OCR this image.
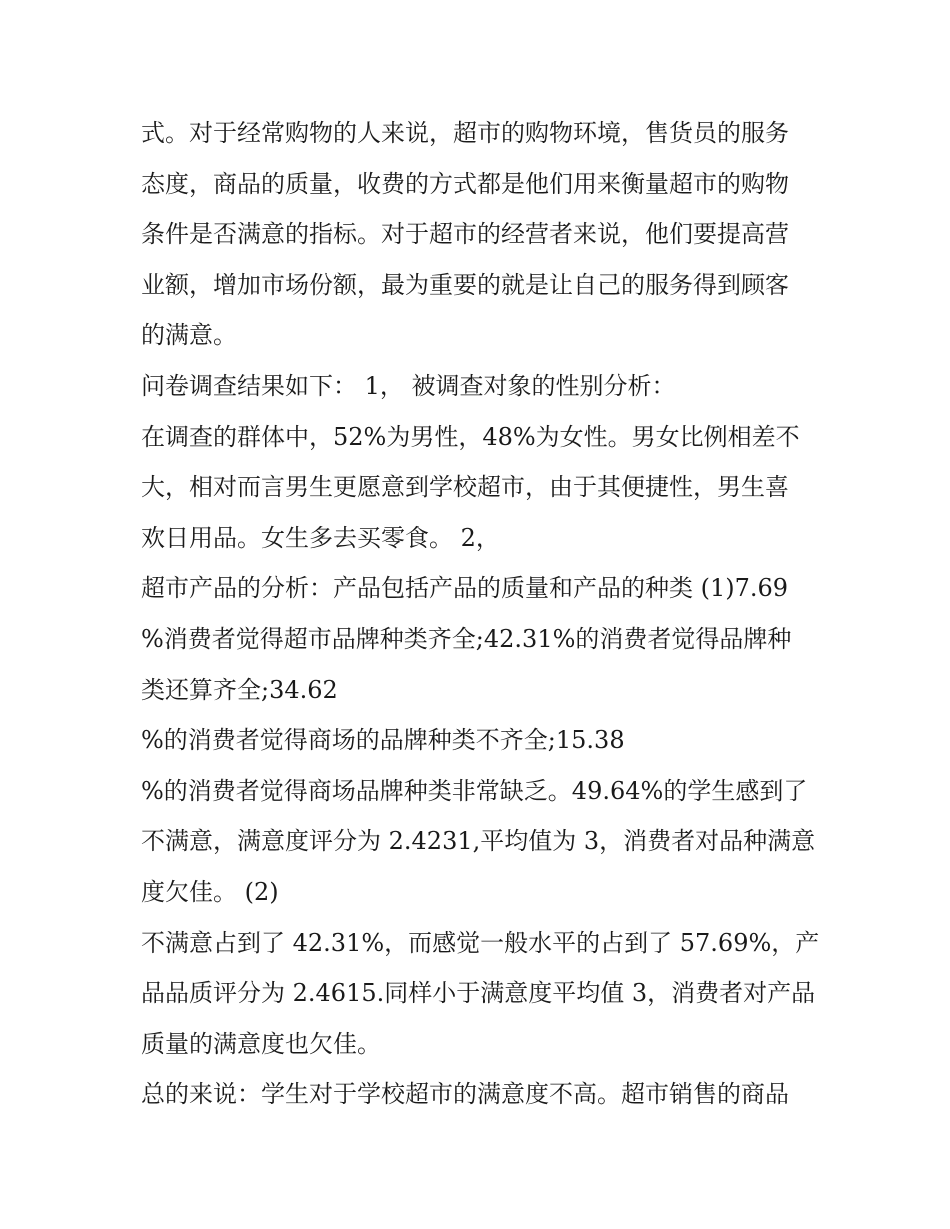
式。对于经常购物的人来说，超市的购物环境，售货员的服务
态度，商品的质量，收费的方式都是他们用来衡量超市的购物
条件是否满意的指标。对于超市的经营者来说，他们要提高营
业额，增加市场份额，最为重要的就是让自己的服务得到顾客
的满意。
问卷调查结果如下： 1， 被调查对象的性别分析：
在调查的群体中，52%为男性，48%为女性。男女比例相差不
大，相对而言男生更愿意到学校超市，由于其便捷性，男生喜
欢日用品。女生多去买零食。 2，
超市产品的分析：产品包括产品的质量和产品的种类 (1)7.69
%消费者觉得超市品牌种类齐全;42.31%的消费者觉得品牌种
类还算齐全;34.62
%的消费者觉得商场的品牌种类不齐全;15.38
%的消费者觉得商场品牌种类非常缺乏。49.64%的学生感到了
不满意，满意度评分为 2.4231,平均值为 3，消费者对品种满意
度欠佳。 (2)
不满意占到了 42.31%，而感觉一般水平的占到了 57.69%，产
品品质评分为 2.4615.同样小于满意度平均值 3，消费者对产品
质量的满意度也欠佳。
总的来说：学生对于学校超市的满意度不高。超市销售的商品
